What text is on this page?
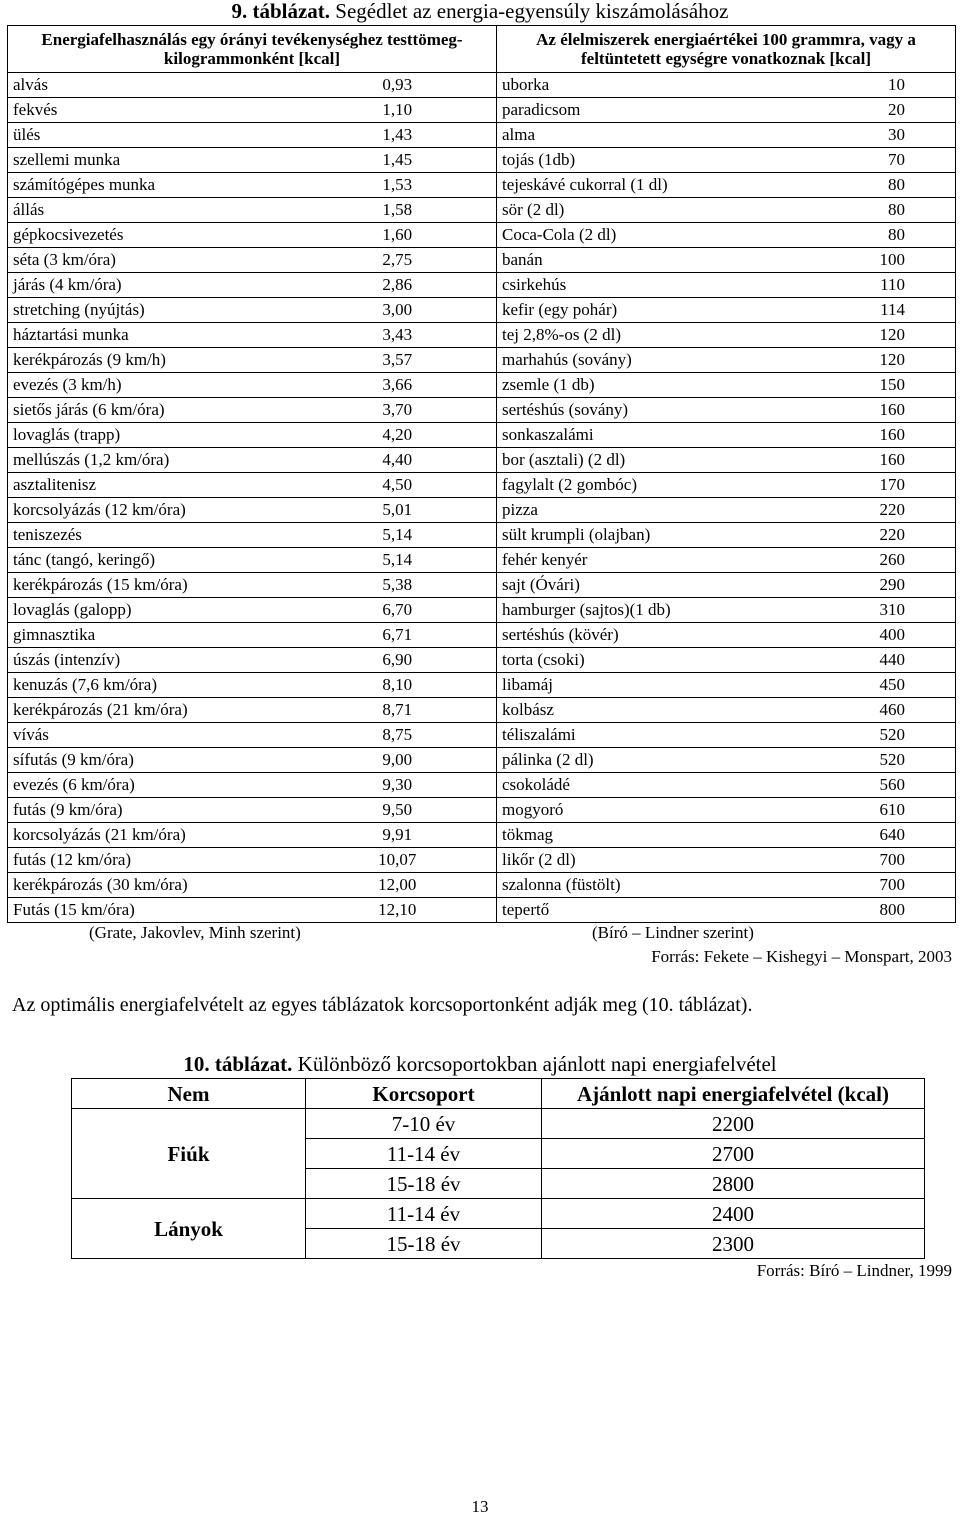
9. táblázat. Segédlet az energia-egyensúly kiszámolásához
Energiafelhasználás egy órányi tevékenységhez testtömeg-kilogrammonként [kcal]		Az élelmiszerek energiaértékei 100 grammra, vagy a feltüntetett egységre vonatkoznak [kcal]	
alvás	0,93	uborka	10
fekvés	1,10	paradicsom	20
ülés	1,43	alma	30
szellemi munka	1,45	tojás (1db)	70
számítógépes munka	1,53	tejeskávé cukorral (1 dl)	80
állás	1,58	sör (2 dl)	80
gépkocsivezetés	1,60	Coca-Cola (2 dl)	80
séta (3 km/óra)	2,75	banán	100
járás (4 km/óra)	2,86	csirkehús	110
stretching (nyújtás)	3,00	kefir (egy pohár)	114
háztartási munka	3,43	tej 2,8%-os (2 dl)	120
kerékpározás (9 km/h)	3,57	marhahús (sovány)	120
evezés (3 km/h)	3,66	zsemle (1 db)	150
sietős járás (6 km/óra)	3,70	sertéshús (sovány)	160
lovaglás (trapp)	4,20	sonkaszalámi	160
mellúszás (1,2 km/óra)	4,40	bor (asztali) (2 dl)	160
asztalitenisz	4,50	fagylalt (2 gombóc)	170
korcsolyázás (12 km/óra)	5,01	pizza	220
teniszezés	5,14	sült krumpli (olajban)	220
tánc (tangó, keringő)	5,14	fehér kenyér	260
kerékpározás (15 km/óra)	5,38	sajt (Óvári)	290
lovaglás (galopp)	6,70	hamburger (sajtos)(1 db)	310
gimnasztika	6,71	sertéshús (kövér)	400
úszás (intenzív)	6,90	torta (csoki)	440
kenuzás (7,6 km/óra)	8,10	libamáj	450
kerékpározás (21 km/óra)	8,71	kolbász	460
vívás	8,75	téliszalámi	520
sífutás (9 km/óra)	9,00	pálinka (2 dl)	520
evezés (6 km/óra)	9,30	csokoládé	560
futás (9 km/óra)	9,50	mogyoró	610
korcsolyázás (21 km/óra)	9,91	tökmag	640
futás (12 km/óra)	10,07	likőr (2 dl)	700
kerékpározás (30 km/óra)	12,00	szalonna (füstölt)	700
Futás (15 km/óra)	12,10	tepertő	800
(Grate, Jakovlev, Minh szerint)	(Bíró – Lindner szerint)
Forrás: Fekete – Kishegyi – Monspart, 2003
Az optimális energiafelvételt az egyes táblázatok korcsoportonként adják meg (10. táblázat).
10. táblázat. Különböző korcsoportokban ajánlott napi energiafelvétel
Nem	Korcsoport	Ajánlott napi energiafelvétel (kcal)
Fiúk	7-10 év	2200
	11-14 év	2700
	15-18 év	2800
Lányok	11-14 év	2400
	15-18 év	2300
Forrás: Bíró – Lindner, 1999
13
